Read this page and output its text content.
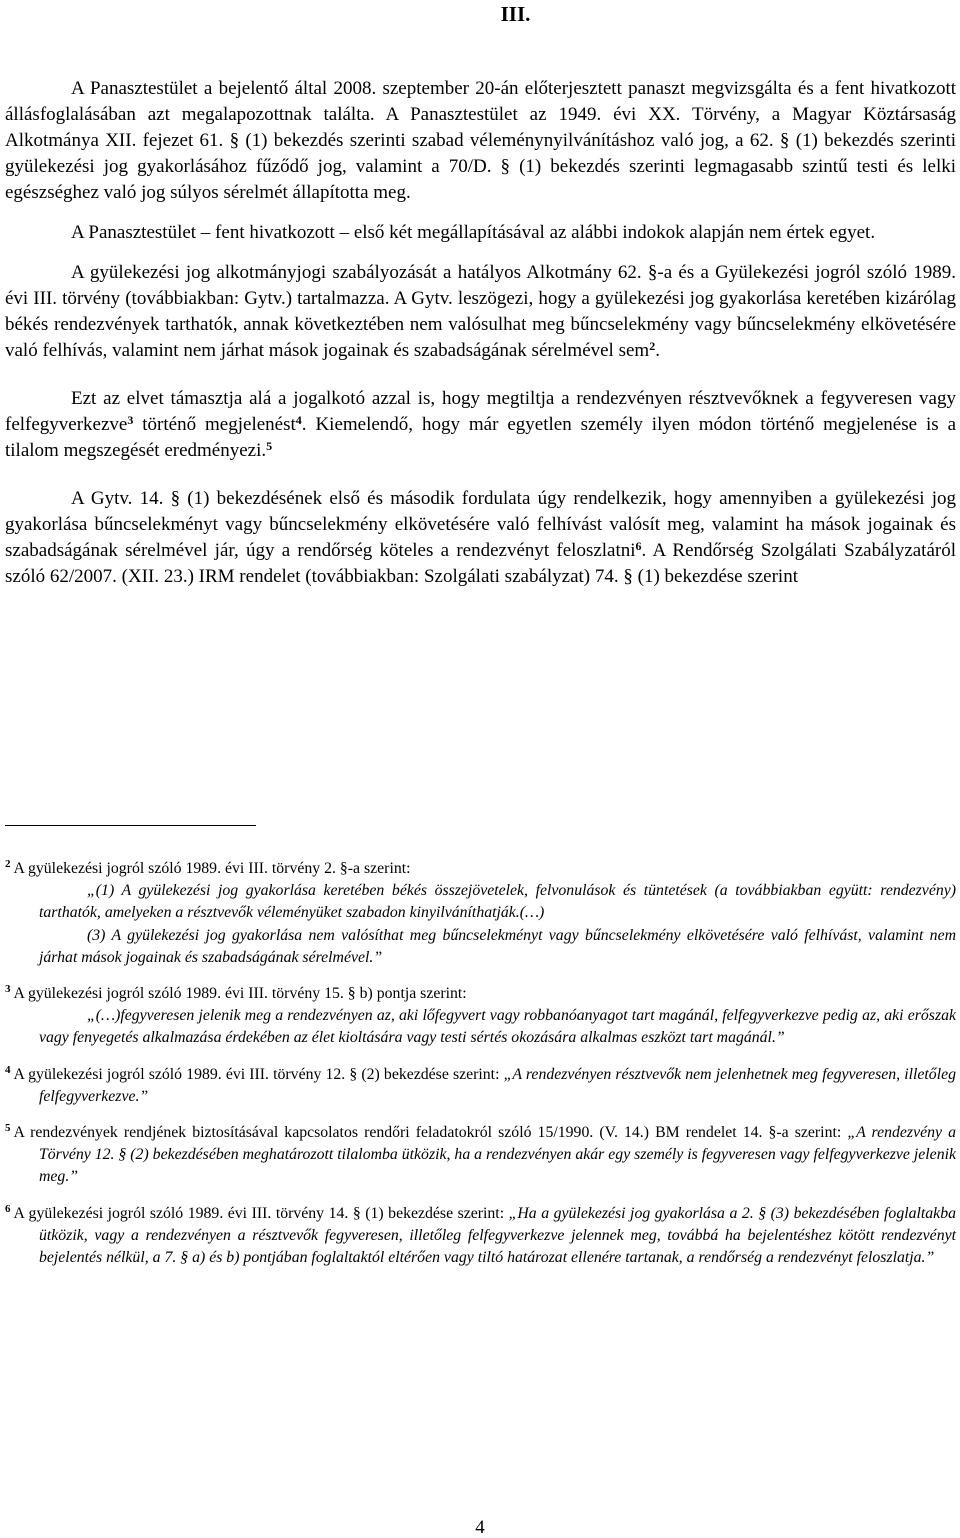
III.

A Panasztestület a bejelentő által 2008. szeptember 20-án előterjesztett panaszt megvizsgálta és a fent hivatkozott állásfoglalásában azt megalapozottnak találta. A Panasztestület az 1949. évi XX. Törvény, a Magyar Köztársaság Alkotmánya XII. fejezet 61. § (1) bekezdés szerinti szabad véleménynyilvánításhoz való jog, a 62. § (1) bekezdés szerinti gyülekezési jog gyakorlásához fűződő jog, valamint a 70/D. § (1) bekezdés szerinti legmagasabb szintű testi és lelki egészséghez való jog súlyos sérelmét állapította meg.

A Panasztestület – fent hivatkozott – első két megállapításával az alábbi indokok alapján nem értek egyet.

A gyülekezési jog alkotmányjogi szabályozását a hatályos Alkotmány 62. §-a és a Gyülekezési jogról szóló 1989. évi III. törvény (továbbiakban: Gytv.) tartalmazza. A Gytv. leszögezi, hogy a gyülekezési jog gyakorlása keretében kizárólag békés rendezvények tarthatók, annak következtében nem valósulhat meg bűncselekmény vagy bűncselekmény elkövetésére való felhívás, valamint nem járhat mások jogainak és szabadságának sérelmével sem$^2$.

Ezt az elvet támasztja alá a jogalkotó azzal is, hogy megtiltja a rendezvényen résztvevőknek a fegyveresen vagy felfegyverkezve$^3$ történő megjelenést$^4$. Kiemelendő, hogy már egyetlen személy ilyen módon történő megjelenése is a tilalom megszegését eredményezi.$^5$

A Gytv. 14. § (1) bekezdésének első és második fordulata úgy rendelkezik, hogy amennyiben a gyülekezési jog gyakorlása bűncselekményt vagy bűncselekmény elkövetésére való felhívást valósít meg, valamint ha mások jogainak és szabadságának sérelmével jár, úgy a rendőrség köteles a rendezvényt feloszlatni$^6$. A Rendőrség Szolgálati Szabályzatáról szóló 62/2007. (XII. 23.) IRM rendelet (továbbiakban: Szolgálati szabályzat) 74. § (1) bekezdése szerint

$^2$ A gyülekezési jogról szóló 1989. évi III. törvény 2. §-a szerint:
„(1) A gyülekezési jog gyakorlása keretében békés összejövetelek, felvonulások és tüntetések (a továbbiakban együtt: rendezvény) tarthatók, amelyeken a résztvevők véleményüket szabadon kinyilváníthatják.(…)
(3) A gyülekezési jog gyakorlása nem valósíthat meg bűncselekményt vagy bűncselekmény elkövetésére való felhívást, valamint nem járhat mások jogainak és szabadságának sérelmével.”

$^3$ A gyülekezési jogról szóló 1989. évi III. törvény 15. § b) pontja szerint:
„(…)fegyveresen jelenik meg a rendezvényen az, aki lőfegyvert vagy robbanóanyagot tart magánál, felfegyverkezve pedig az, aki erőszak vagy fenyegetés alkalmazása érdekében az élet kioltására vagy testi sértés okozására alkalmas eszközt tart magánál.”

$^4$ A gyülekezési jogról szóló 1989. évi III. törvény 12. § (2) bekezdése szerint: „A rendezvényen résztvevők nem jelenhetnek meg fegyveresen, illetőleg felfegyverkezve.”

$^5$ A rendezvények rendjének biztosításával kapcsolatos rendőri feladatokról szóló 15/1990. (V. 14.) BM rendelet 14. §-a szerint: „A rendezvény a Törvény 12. § (2) bekezdésében meghatározott tilalomba ütközik, ha a rendezvényen akár egy személy is fegyveresen vagy felfegyverkezve jelenik meg.”

$^6$ A gyülekezési jogról szóló 1989. évi III. törvény 14. § (1) bekezdése szerint: „Ha a gyülekezési jog gyakorlása a 2. § (3) bekezdésében foglaltakba ütközik, vagy a rendezvényen a résztvevők fegyveresen, illetőleg felfegyverkezve jelennek meg, továbbá ha bejelentéshez kötött rendezvényt bejelentés nélkül, a 7. § a) és b) pontjában foglaltaktól eltérően vagy tiltó határozat ellenére tartanak, a rendőrség a rendezvényt feloszlatja.”

4
